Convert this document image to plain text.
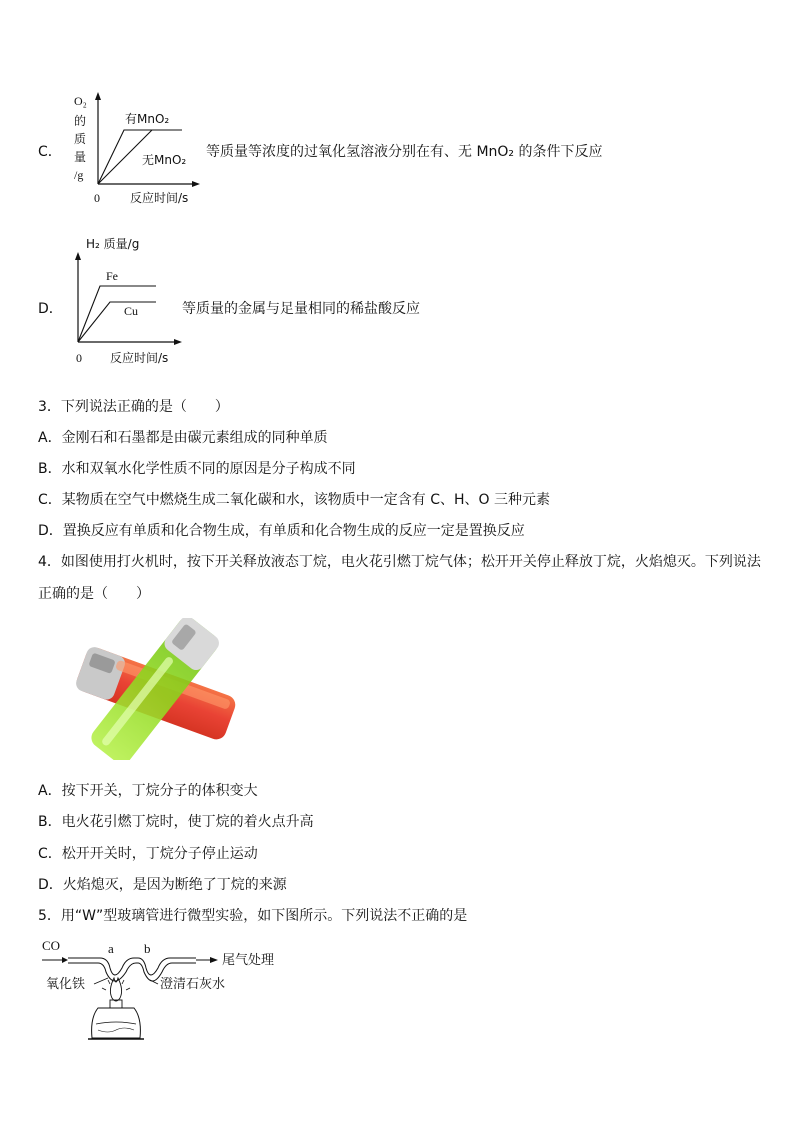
C．
O₂
的
质
量
/g
0	反应时间/s
有MnO₂
无MnO₂ 等质量等浓度的过氧化氢溶液分别在有、无 MnO₂ 的条件下反应
D．
H₂ 质量/g
Fe
Cu
0 反应时间/s
等质量的金属与足量相同的稀盐酸反应
3．下列说法正确的是（　　）
A．金刚石和石墨都是由碳元素组成的同种单质
B．水和双氧水化学性质不同的原因是分子构成不同
C．某物质在空气中燃烧生成二氧化碳和水，该物质中一定含有 C、H、O 三种元素
D．置换反应有单质和化合物生成，有单质和化合物生成的反应一定是置换反应
4．如图使用打火机时，按下开关释放液态丁烷，电火花引燃丁烷气体；松开开关停止释放丁烷，火焰熄灭。下列说法
正确的是（　　）
A．按下开关，丁烷分子的体积变大
B．电火花引燃丁烷时，使丁烷的着火点升高
C．松开开关时，丁烷分子停止运动
D．火焰熄灭，是因为断绝了丁烷的来源
5．用“W”型玻璃管进行微型实验，如下图所示。下列说法不正确的是
CO	a b
尾气处理
氧化铁	澄清石灰水
